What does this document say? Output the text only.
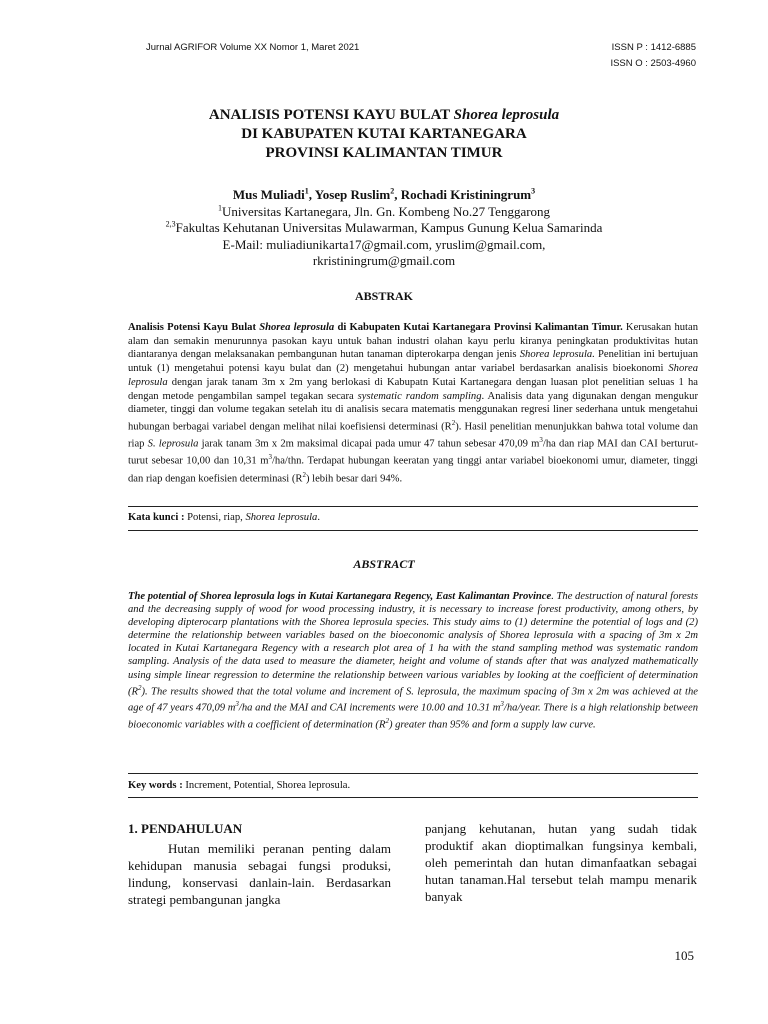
Jurnal AGRIFOR Volume XX Nomor 1, Maret 2021	ISSN P : 1412-6885
ISSN O : 2503-4960
ANALISIS POTENSI KAYU BULAT Shorea leprosula
DI KABUPATEN KUTAI KARTANEGARA
PROVINSI KALIMANTAN TIMUR
Mus Muliadi$^1$, Yosep Ruslim$^2$, Rochadi Kristiningrum$^3$
$^1$Universitas Kartanegara, Jln. Gn. Kombeng No.27 Tenggarong
$^{2,3}$Fakultas Kehutanan Universitas Mulawarman, Kampus Gunung Kelua Samarinda
E-Mail: muliadiunikarta17@gmail.com, yruslim@gmail.com,
rkristiningrum@gmail.com
ABSTRAK
Analisis Potensi Kayu Bulat Shorea leprosula di Kabupaten Kutai Kartanegara Provinsi Kalimantan Timur. Kerusakan hutan alam dan semakin menurunnya pasokan kayu untuk bahan industri olahan kayu perlu kiranya peningkatan produktivitas hutan diantaranya dengan melaksanakan pembangunan hutan tanaman dipterokarpa dengan jenis Shorea leprosula. Penelitian ini bertujuan untuk (1) mengetahui potensi kayu bulat dan (2) mengetahui hubungan antar variabel berdasarkan analisis bioekonomi Shorea leprosula dengan jarak tanam 3m x 2m yang berlokasi di Kabupatn Kutai Kartanegara dengan luasan plot penelitian seluas 1 ha dengan metode pengambilan sampel tegakan secara systematic random sampling. Analisis data yang digunakan dengan mengukur diameter, tinggi dan volume tegakan setelah itu di analisis secara matematis menggunakan regresi liner sederhana untuk mengetahui hubungan berbagai variabel dengan melihat nilai koefisiensi determinasi $(R^2)$. Hasil penelitian menunjukkan bahwa total volume dan riap S. leprosula jarak tanam 3m x 2m maksimal dicapai pada umur 47 tahun sebesar 470,09 $m^3/ha$ dan riap MAI dan CAI berturut-turut sebesar 10,00 dan 10,31 $m^3/ha$/thn. Terdapat hubungan keeratan yang tinggi antar variabel bioekonomi umur, diameter, tinggi dan riap dengan koefisien determinasi $(R^2)$ lebih besar dari 94%.
Kata kunci : Potensi, riap, Shorea leprosula.
ABSTRACT
The potential of Shorea leprosula logs in Kutai Kartanegara Regency, East Kalimantan Province. The destruction of natural forests and the decreasing supply of wood for wood processing industry, it is necessary to increase forest productivity, among others, by developing dipterocarp plantations with the Shorea leprosula species. This study aims to (1) determine the potential of logs and (2) determine the relationship between variables based on the bioeconomic analysis of Shorea leprosula with a spacing of 3m x 2m located in Kutai Kartanegara Regency with a research plot area of 1 ha with the stand sampling method was systematic random sampling. Analysis of the data used to measure the diameter, height and volume of stands after that was analyzed mathematically using simple linear regression to determine the relationship between various variables by looking at the coefficient of determination $(R^2)$. The results showed that the total volume and increment of S. leprosula, the maximum spacing of 3m x 2m was achieved at the age of 47 years 470,09 $m^3/ha$ and the MAI and CAI increments were 10.00 and 10.31 $m^3/ha$/year. There is a high relationship between bioeconomic variables with a coefficient of determination $(R^2)$ greater than 95% and form a supply law curve.
Key words : Increment, Potential, Shorea leprosula.
1. PENDAHULUAN
Hutan memiliki peranan penting dalam kehidupan manusia sebagai fungsi produksi, lindung, konservasi danlain-lain. Berdasarkan strategi pembangunan jangka
panjang kehutanan, hutan yang sudah tidak produktif akan dioptimalkan fungsinya kembali, oleh pemerintah dan hutan dimanfaatkan sebagai hutan tanaman.Hal tersebut telah mampu menarik banyak
105
